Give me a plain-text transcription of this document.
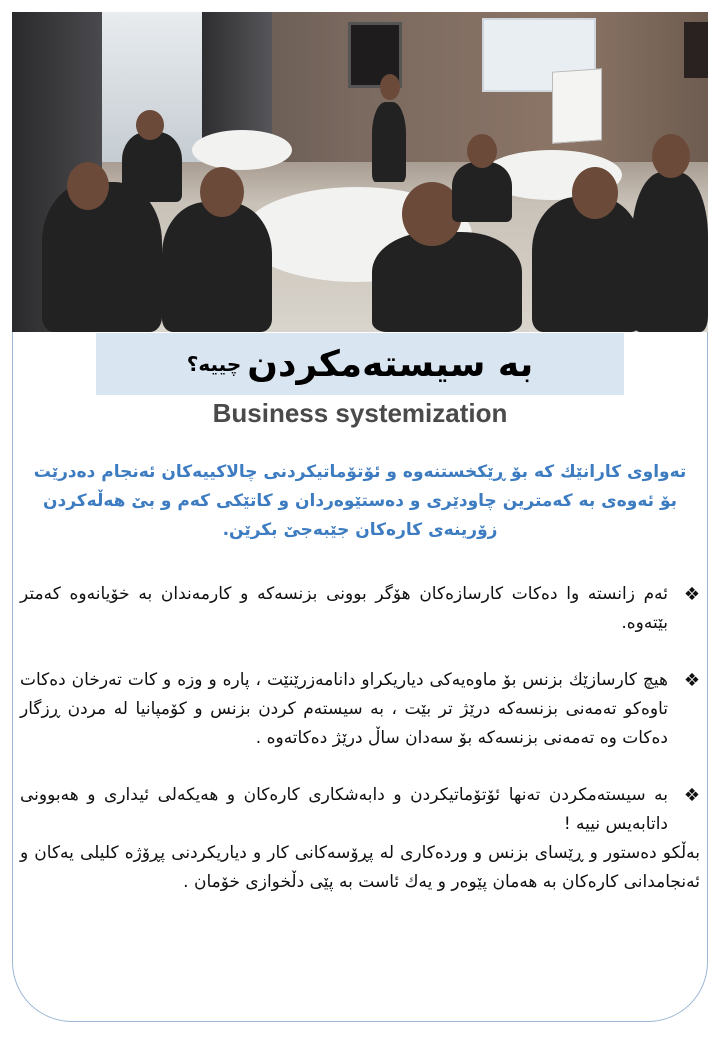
به سیستەمکردن
چییە؟
Business systemization
تەواوی کارانێك کە بۆ ڕێکخستنەوە و ئۆتۆماتیکردنی چالاکییەکان ئەنجام دەدرێت بۆ ئەوەی بە کەمترین چاودێری و دەستێوەردان و کاتێکی کەم و بێ هەڵەکردن زۆرینەی کارەکان جێبەجێ بکرێن.
❖
ئەم زانستە وا دەکات کارسازەکان هۆگر بوونی بزنسەکە و کارمەندان بە خۆیانەوە کەمتر بێتەوە.
❖
هیچ کارسازێك بزنس بۆ ماوەیەکی دیاریکراو دانامەزرێنێت ، پارە و وزە و کات تەرخان دەکات تاوەکو تەمەنی بزنسەکە درێژ تر بێت ، به سیستەم کردن بزنس و کۆمپانیا لە مردن ڕزگار دەکات وە تەمەنی بزنسەکە بۆ سەدان ساڵ درێژ دەکاتەوە .
❖
بە سیستەمکردن تەنها ئۆتۆماتیکردن و دابەشکاری کارەکان و هەیکەلی ئیداری و هەبوونی داتابەیس نییە !
بەڵکو دەستور و ڕێسای بزنس و وردەکاری لە پڕۆسەکانی کار و دیاریکردنی پڕۆژە کلیلی یەکان و ئەنجامدانی کارەکان بە هەمان پێوەر و یەك ئاست بە پێی دڵخوازی خۆمان .
